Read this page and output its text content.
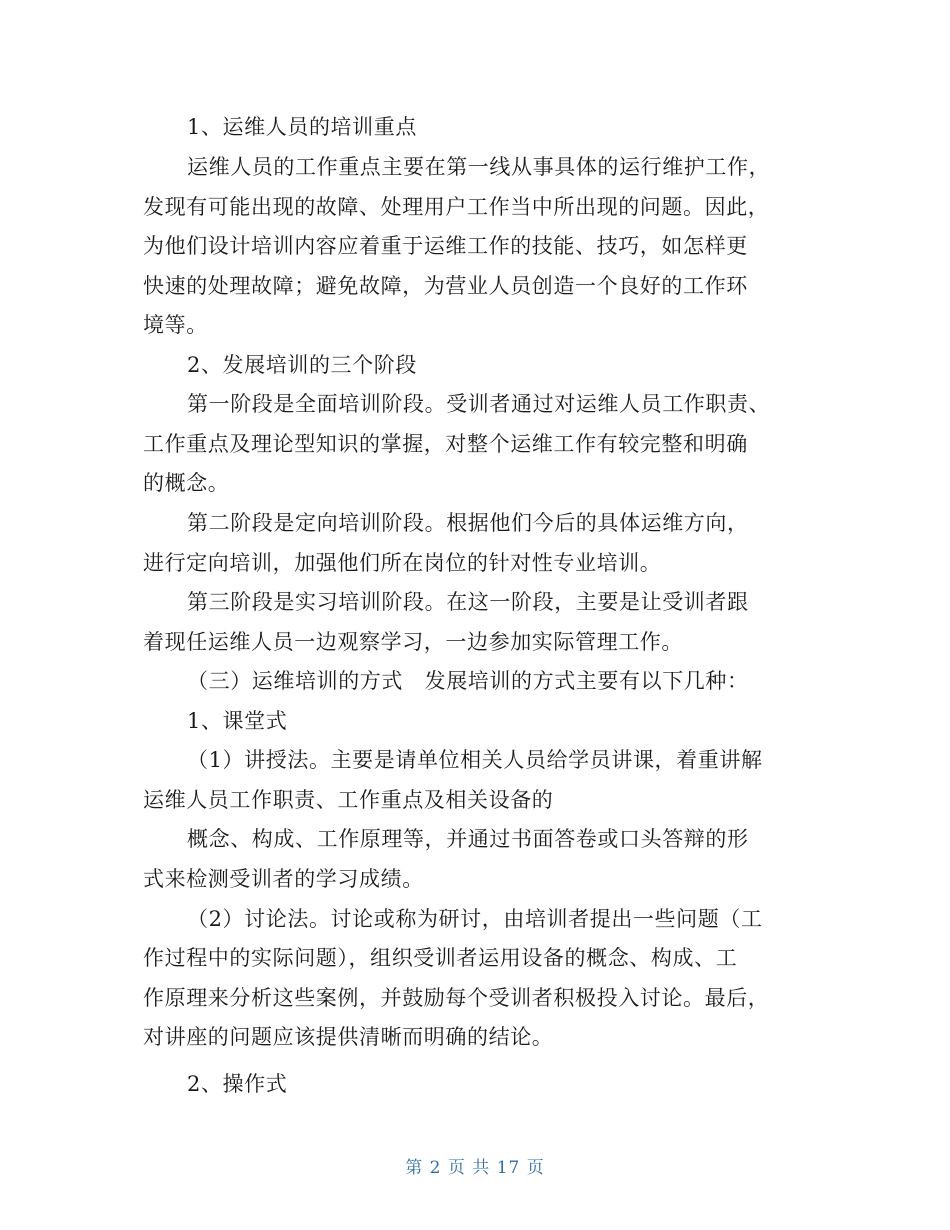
1、运维人员的培训重点
运维人员的工作重点主要在第一线从事具体的运行维护工作，
发现有可能出现的故障、处理用户工作当中所出现的问题。因此，
为他们设计培训内容应着重于运维工作的技能、技巧，如怎样更
快速的处理故障；避免故障，为营业人员创造一个良好的工作环
境等。
2、发展培训的三个阶段
第一阶段是全面培训阶段。受训者通过对运维人员工作职责、
工作重点及理论型知识的掌握，对整个运维工作有较完整和明确
的概念。
第二阶段是定向培训阶段。根据他们今后的具体运维方向，
进行定向培训，加强他们所在岗位的针对性专业培训。
第三阶段是实习培训阶段。在这一阶段，主要是让受训者跟
着现任运维人员一边观察学习，一边参加实际管理工作。
（三）运维培训的方式　发展培训的方式主要有以下几种：
1、课堂式
（1）讲授法。主要是请单位相关人员给学员讲课，着重讲解
运维人员工作职责、工作重点及相关设备的
概念、构成、工作原理等，并通过书面答卷或口头答辩的形
式来检测受训者的学习成绩。
（2）讨论法。讨论或称为研讨，由培训者提出一些问题（工
作过程中的实际问题），组织受训者运用设备的概念、构成、工
作原理来分析这些案例，并鼓励每个受训者积极投入讨论。最后，
对讲座的问题应该提供清晰而明确的结论。
2、操作式
第 2 页 共 17 页
